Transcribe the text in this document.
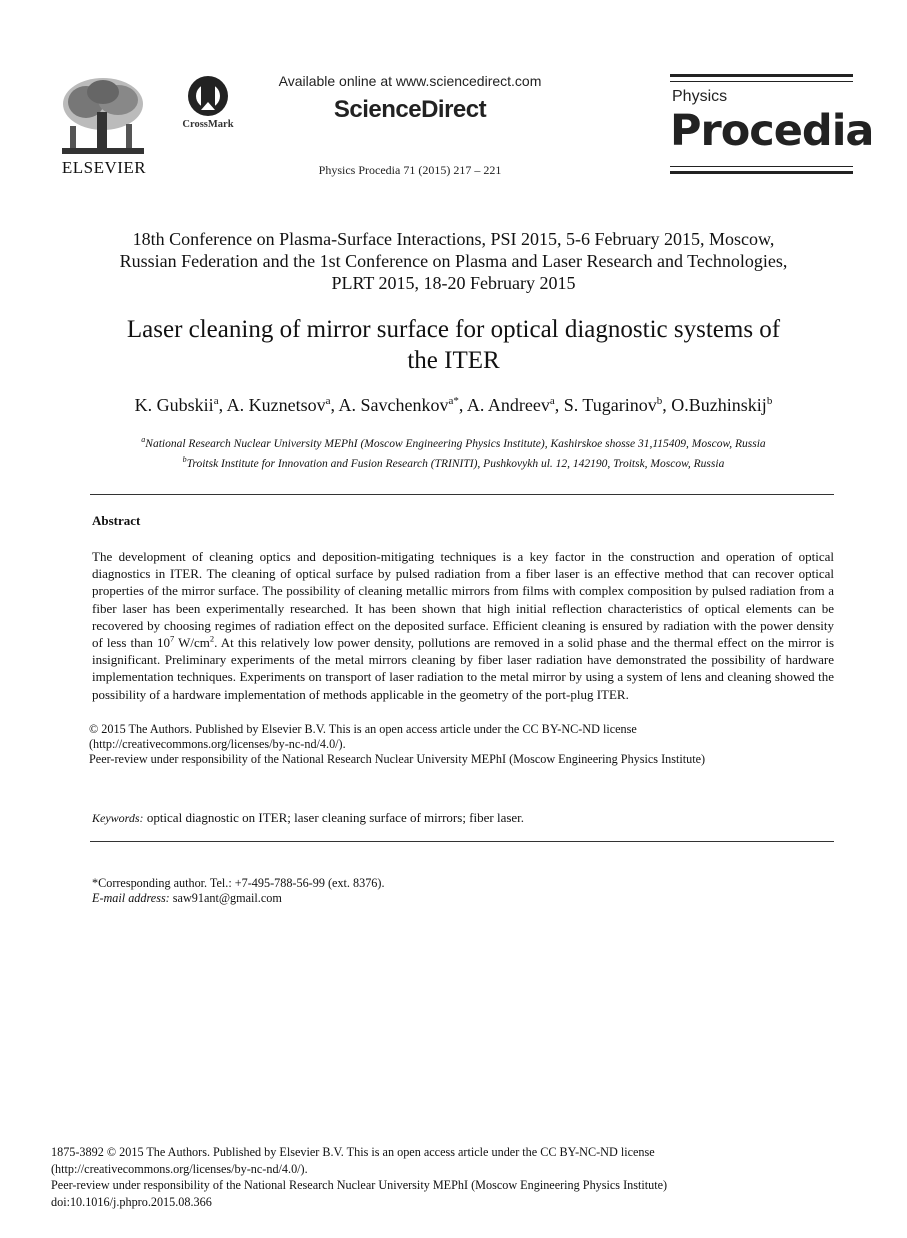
ELSEVIER
CrossMark
Available online at www.sciencedirect.com
ScienceDirect
Physics Procedia 71 (2015) 217 – 221
Physics
Procedia
18th Conference on Plasma-Surface Interactions, PSI 2015, 5-6 February 2015, Moscow,
Russian Federation and the 1st Conference on Plasma and Laser Research and Technologies,
PLRT 2015, 18-20 February 2015
Laser cleaning of mirror surface for optical diagnostic systems of
the ITER
K. Gubskii$^a$, A. Kuznetsov$^a$, A. Savchenkov$^{a*}$, A. Andreev$^a$, S. Tugarinov$^b$, O.Buzhinskij$^b$
$^a$National Research Nuclear University MEPhI (Moscow Engineering Physics Institute), Kashirskoe shosse 31,115409, Moscow, Russia
$^b$Troitsk Institute for Innovation and Fusion Research (TRINITI), Pushkovykh ul. 12, 142190, Troitsk, Moscow, Russia
Abstract
The development of cleaning optics and deposition-mitigating techniques is a key factor in the construction and operation of optical diagnostics in ITER. The cleaning of optical surface by pulsed radiation from a fiber laser is an effective method that can recover optical properties of the mirror surface. The possibility of cleaning metallic mirrors from films with complex composition by pulsed radiation from a fiber laser has been experimentally researched. It has been shown that high initial reflection characteristics of optical elements can be recovered by choosing regimes of radiation effect on the deposited surface. Efficient cleaning is ensured by radiation with the power density of less than $10^7$ $W/cm^2$. At this relatively low power density, pollutions are removed in a solid phase and the thermal effect on the mirror is insignificant. Preliminary experiments of the metal mirrors cleaning by fiber laser radiation have demonstrated the possibility of hardware implementation techniques. Experiments on transport of laser radiation to the metal mirror by using a system of lens and cleaning showed the possibility of a hardware implementation of methods applicable in the geometry of the port-plug ITER.
© 2015 The Authors. Published by Elsevier B.V. This is an open access article under the CC BY-NC-ND license
(http://creativecommons.org/licenses/by-nc-nd/4.0/).
Peer-review under responsibility of the National Research Nuclear University MEPhI (Moscow Engineering Physics Institute)
Keywords: optical diagnostic on ITER; laser cleaning surface of mirrors; fiber laser.
*Corresponding author. Tel.: +7-495-788-56-99 (ext. 8376).
E-mail address: saw91ant@gmail.com
1875-3892 © 2015 The Authors. Published by Elsevier B.V. This is an open access article under the CC BY-NC-ND license
(http://creativecommons.org/licenses/by-nc-nd/4.0/).
Peer-review under responsibility of the National Research Nuclear University MEPhI (Moscow Engineering Physics Institute)
doi:10.1016/j.phpro.2015.08.366
